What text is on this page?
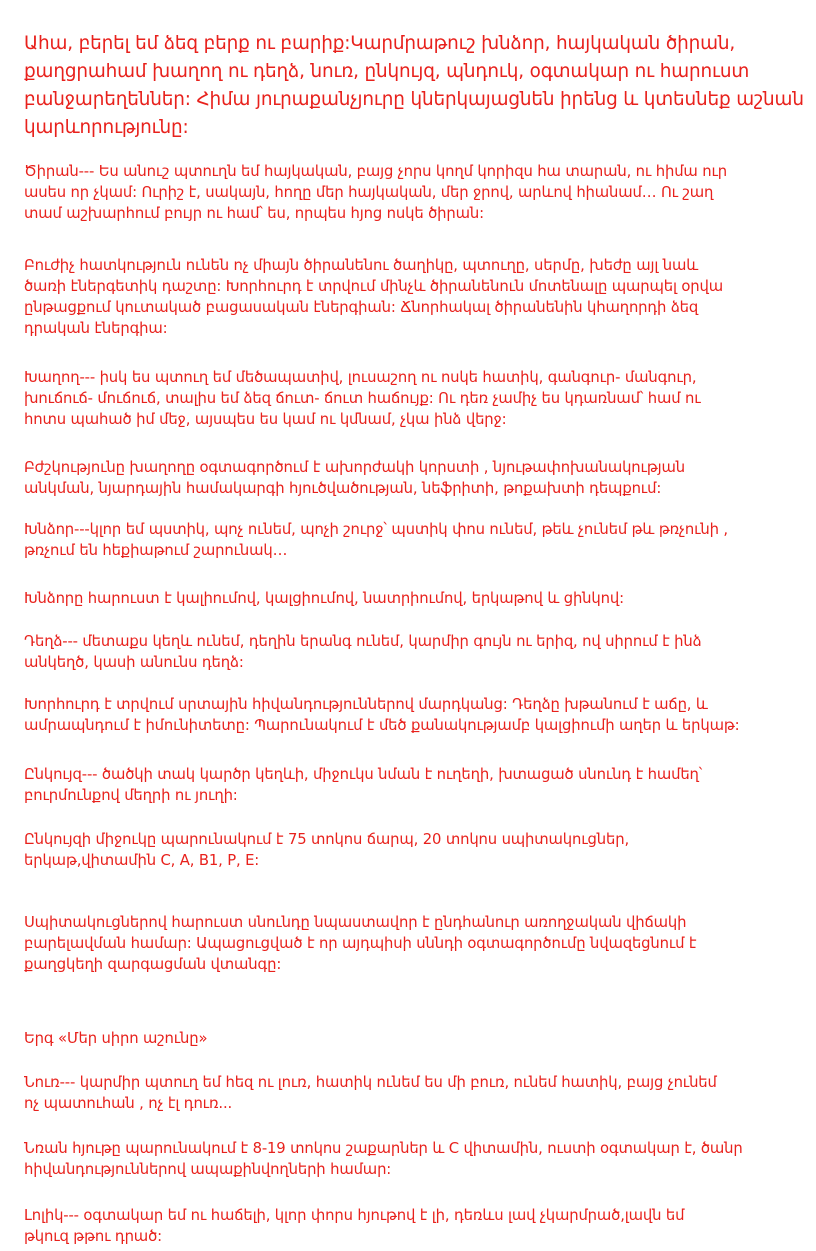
Ահա, բերել եմ ձեզ բերք ու բարիք:Կարմրաթուշ խնձոր, հայկական ծիրան,

քաղցրահամ խաղող ու դեղձ, նուռ, ընկույզ, պնդուկ, օգտակար ու հարուստ

բանջարեղեններ: Հիմա յուրաքանչյուրը կներկայացնեն իրենց և կտեսնեք աշնան

կարևորությունը:

Ծիրան--- Ես անուշ պտուղն եմ հայկական, բայց չորս կողմ կորիզս հա տարան, ու հիմա ուր

ասես որ չկամ: Ուրիշ է, սակայն, հողը մեր հայկական, մեր ջրով, արևով հիանամ… Ու շաղ

տամ աշխարհում բույր ու համ՝ ես, որպես հյոց ոսկե ծիրան:

Բուժիչ հատկություն ունեն ոչ միայն ծիրանենու ծաղիկը, պտուղը, սերմը, խեժը այլ նաև

ծառի էներգետիկ դաշտը: Խորհուրդ է տրվում մինչև ծիրանենուն մոտենալը պարպել օրվա

ընթացքում կուտակած բացասական էներգիան: Ճնորհակալ ծիրանենին կհաղորդի ձեզ

դրական էներգիա:

Խաղող--- իսկ ես պտուղ եմ մեծապատիվ, լուսաշող ու ոսկե հատիկ, գանգուր- մանգուր,

խուճուճ- մուճուճ, տալիս եմ ձեզ ճուտ- ճուտ հաճույք: Ու դեռ չամիչ ես կդառնամ՝ համ ու

հոտս պահած իմ մեջ, այսպես ես կամ ու կմնամ, չկա ինձ վերջ:

Բժշկությունը խաղողը օգտագործում է ախորժակի կորստի , նյութափոխանակության

անկման, նյարդային համակարգի հյուծվածության, նեֆրիտի, թոքախտի դեպքում:

Խնձոր---կլոր եմ պստիկ, պոչ ունեմ, պոչի շուրջ՝ պստիկ փոս ունեմ, թեև չունեմ թև թռչունի ,

թռչում են հեքիաթում շարունակ…

Խնձորը հարուստ է կալիումով, կալցիումով, նատրիումով, երկաթով և ցինկով:

Դեղձ--- մետաքս կեղև ունեմ, դեղին երանգ ունեմ, կարմիր գույն ու երիզ, ով սիրում է ինձ

անկեղծ, կասի անունս դեղձ:

Խորհուրդ է տրվում սրտային հիվանդություններով մարդկանց: Դեղձը խթանում է աճը, և

ամրապնդում է իմունիտետը: Պարունակում է մեծ քանակությամբ կալցիումի աղեր և երկաթ:

Ընկույզ--- ծածկի տակ կարծր կեղևի, միջուկս նման է ուղեղի, խտացած սնունդ է համեղ՝

բուրմունքով մեղրի ու յուղի:

Ընկույզի միջուկը պարունակում է 75 տոկոս ճարպ, 20 տոկոս սպիտակուցներ,

երկաթ,վիտամին C, A, B1, P, E:

Սպիտակուցներով հարուստ սնունդը նպաստավոր է ընդհանուր առողջական վիճակի

բարելավման համար: Ապացուցված է որ այդպիսի սննդի օգտագործումը նվազեցնում է

քաղցկեղի զարգացման վտանգը:

Երգ «Մեր սիրո աշունը»

Նուռ--- կարմիր պտուղ եմ հեզ ու լուռ, հատիկ ունեմ ես մի բուռ, ունեմ հատիկ, բայց չունեմ

ոչ պատուհան , ոչ էլ դուռ...

Նռան հյութը պարունակում է 8-19 տոկոս շաքարներ և C վիտամին, ուստի օգտակար է, ծանր

հիվանդություններով ապաքինվողների համար:

Լոլիկ--- օգտակար եմ ու հաճելի, կլոր փորս հյութով է լի, դեռևս լավ չկարմրած,լավն եմ

թկուզ թթու դրած:
